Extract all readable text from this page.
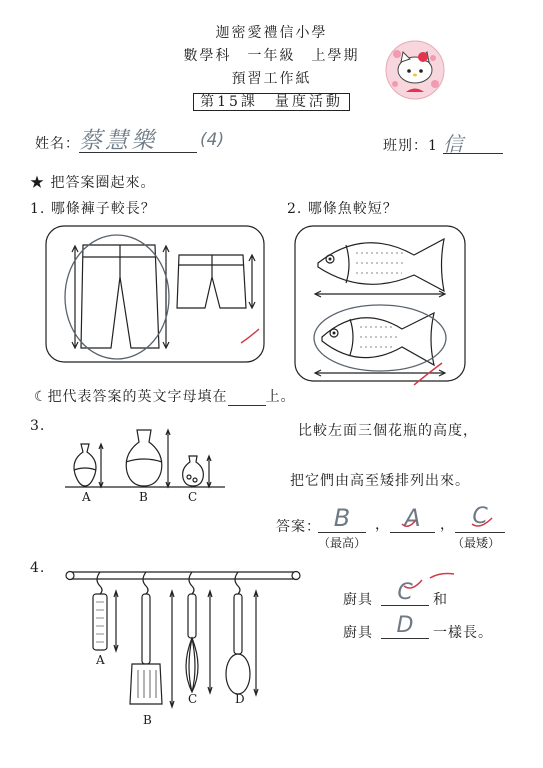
迦密愛禮信小學
數學科　一年級　上學期
預習工作紙
第15課　量度活動
姓名： 蔡慧樂	(4)	班別：1 信
★ 把答案圈起來。
1. 哪條褲子較長？	2. 哪條魚較短？
☾把代表答案的英文字母填在	上。
3.	比較左面三個花瓶的高度，
把它們由高至矮排列出來。
A	B	C
答案： B	， A	， C
（最高）	（最矮）
4.
A
B
C	D
廚具	C	和
廚具	D	一樣長。
